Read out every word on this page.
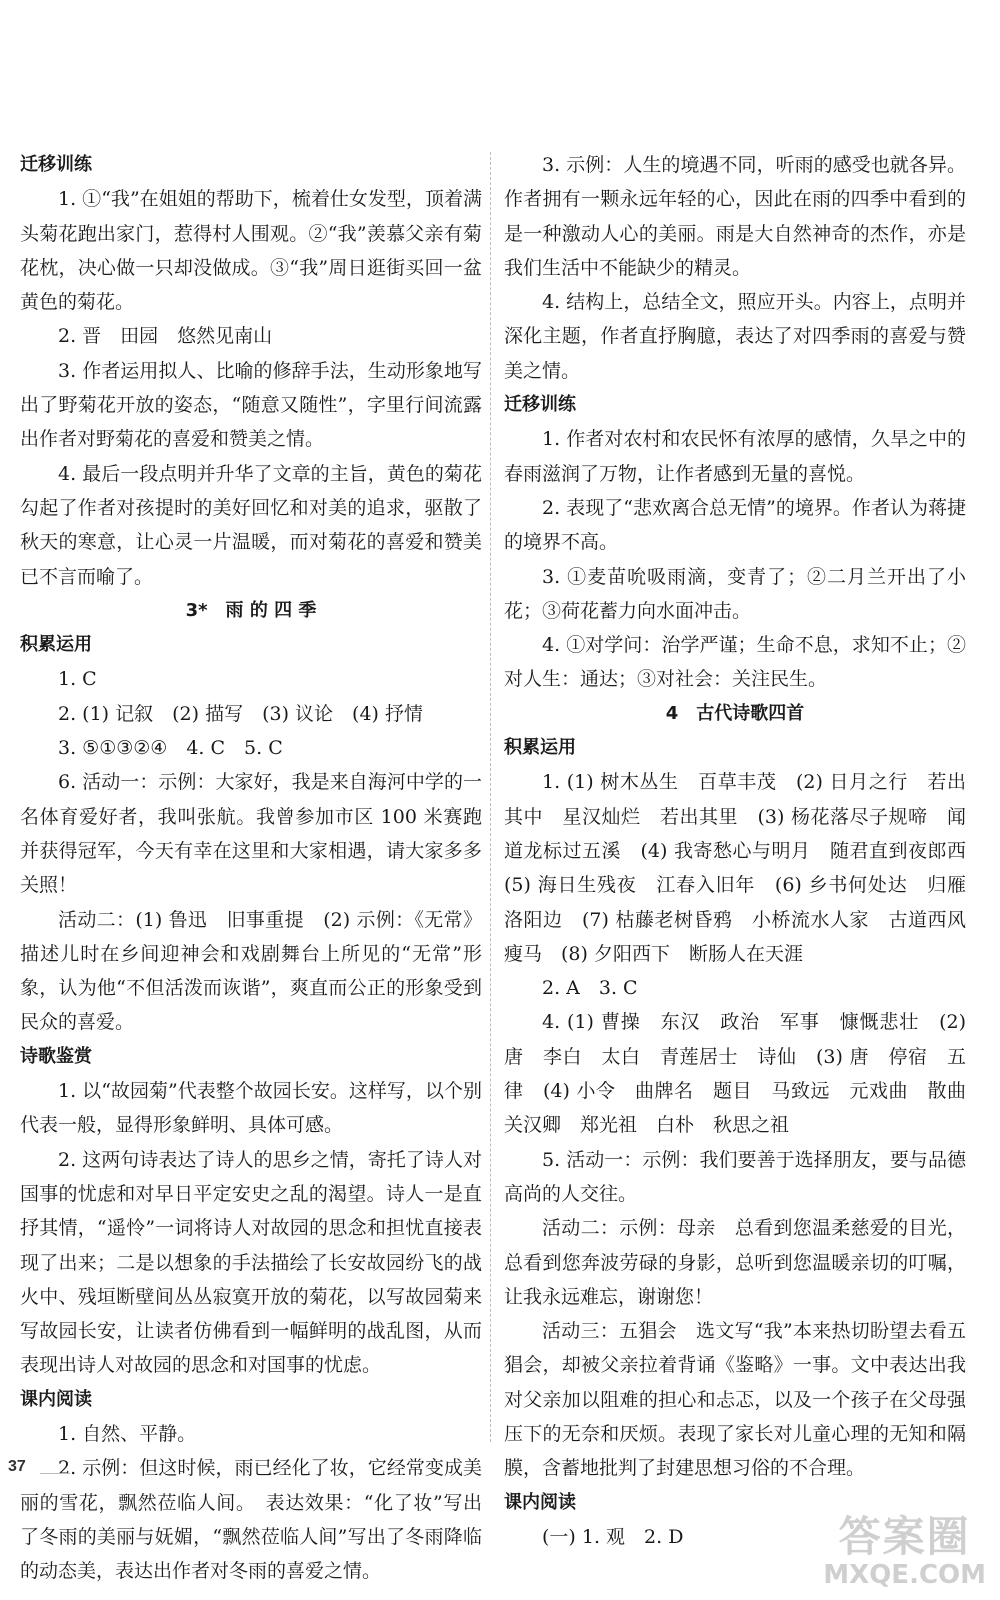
迁移训练
1. ①“我”在姐姐的帮助下，梳着仕女发型，顶着满头菊花跑出家门，惹得村人围观。②“我”羡慕父亲有菊花枕，决心做一只却没做成。③“我”周日逛街买回一盆黄色的菊花。
2. 晋　田园　悠然见南山
3. 作者运用拟人、比喻的修辞手法，生动形象地写出了野菊花开放的姿态，“随意又随性”，字里行间流露出作者对野菊花的喜爱和赞美之情。
4. 最后一段点明并升华了文章的主旨，黄色的菊花勾起了作者对孩提时的美好回忆和对美的追求，驱散了秋天的寒意，让心灵一片温暖，而对菊花的喜爱和赞美已不言而喻了。
3*　雨 的 四 季
积累运用
1. C
2. (1) 记叙　(2) 描写　(3) 议论　(4) 抒情
3. ⑤①③②④　4. C　5. C
6. 活动一：示例：大家好，我是来自海河中学的一名体育爱好者，我叫张航。我曾参加市区 100 米赛跑并获得冠军，今天有幸在这里和大家相遇，请大家多多关照！
活动二：(1) 鲁迅　旧事重提　(2) 示例：《无常》描述儿时在乡间迎神会和戏剧舞台上所见的“无常”形象，认为他“不但活泼而诙谐”，爽直而公正的形象受到民众的喜爱。
诗歌鉴赏
1. 以“故园菊”代表整个故园长安。这样写，以个别代表一般，显得形象鲜明、具体可感。
2. 这两句诗表达了诗人的思乡之情，寄托了诗人对国事的忧虑和对早日平定安史之乱的渴望。诗人一是直抒其情，“遥怜”一词将诗人对故园的思念和担忧直接表现了出来；二是以想象的手法描绘了长安故园纷飞的战火中、残垣断壁间丛丛寂寞开放的菊花，以写故园菊来写故园长安，让读者仿佛看到一幅鲜明的战乱图，从而表现出诗人对故园的思念和对国事的忧虑。
课内阅读
1. 自然、平静。
2. 示例：但这时候，雨已经化了妆，它经常变成美丽的雪花，飘然莅临人间。　表达效果：“化了妆”写出了冬雨的美丽与妩媚，“飘然莅临人间”写出了冬雨降临的动态美，表达出作者对冬雨的喜爱之情。
3. 示例：人生的境遇不同，听雨的感受也就各异。作者拥有一颗永远年轻的心，因此在雨的四季中看到的是一种激动人心的美丽。雨是大自然神奇的杰作，亦是我们生活中不能缺少的精灵。
4. 结构上，总结全文，照应开头。内容上，点明并深化主题，作者直抒胸臆，表达了对四季雨的喜爱与赞美之情。
迁移训练
1. 作者对农村和农民怀有浓厚的感情，久旱之中的春雨滋润了万物，让作者感到无量的喜悦。
2. 表现了“悲欢离合总无情”的境界。作者认为蒋捷的境界不高。
3. ①麦苗吮吸雨滴，变青了；②二月兰开出了小花；③荷花蓄力向水面冲击。
4. ①对学问：治学严谨；生命不息，求知不止；②对人生：通达；③对社会：关注民生。
4　古代诗歌四首
积累运用
1. (1) 树木丛生　百草丰茂　(2) 日月之行　若出其中　星汉灿烂　若出其里　(3) 杨花落尽子规啼　闻道龙标过五溪　(4) 我寄愁心与明月　随君直到夜郎西　(5) 海日生残夜　江春入旧年　(6) 乡书何处达　归雁洛阳边　(7) 枯藤老树昏鸦　小桥流水人家　古道西风瘦马　(8) 夕阳西下　断肠人在天涯
2. A　3. C
4. (1) 曹操　东汉　政治　军事　慷慨悲壮　(2) 唐　李白　太白　青莲居士　诗仙　(3) 唐　停宿　五　律　(4) 小令　曲牌名　题目　马致远　元戏曲　散曲　关汉卿　郑光祖　白朴　秋思之祖
5. 活动一：示例：我们要善于选择朋友，要与品德高尚的人交往。
活动二：示例：母亲　总看到您温柔慈爱的目光，总看到您奔波劳碌的身影，总听到您温暖亲切的叮嘱，让我永远难忘，谢谢您！
活动三：五猖会　选文写“我”本来热切盼望去看五猖会，却被父亲拉着背诵《鉴略》一事。文中表达出我对父亲加以阻难的担心和忐忑，以及一个孩子在父母强压下的无奈和厌烦。表现了家长对儿童心理的无知和隔膜，含蓄地批判了封建思想习俗的不合理。
课内阅读
(一) 1. 观　2. D
37
答案圈
MXQE.COM
